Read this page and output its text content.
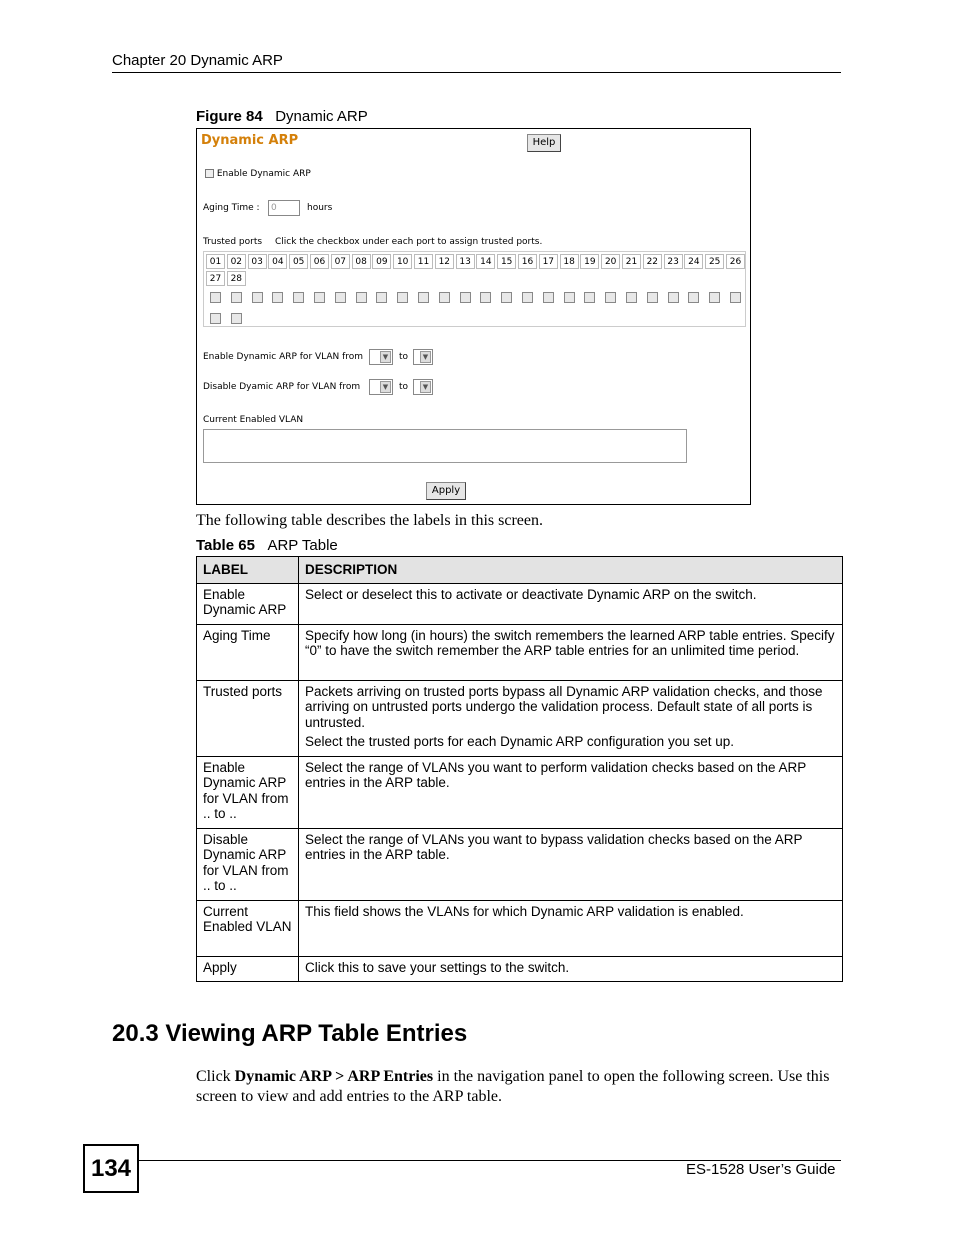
Chapter 20 Dynamic ARP
Figure 84 Dynamic ARP
Dynamic ARP	Help
Enable Dynamic ARP
Aging Time :	0	hours
Trusted ports Click the checkbox under each port to assign trusted ports.
01	02	03	04	05	06	07	08	09	10	11	12	13	14	15	16	17	18	19	20	21	22	23	24	25	26
27	28
Enable Dynamic ARP for VLAN from	▼	to	▼
Disable Dyamic ARP for VLAN from	▼	to	▼
Current Enabled VLAN
Apply
The following table describes the labels in this screen.
Table 65 ARP Table
LABEL	DESCRIPTION
Enable Dynamic ARP	Select or deselect this to activate or deactivate Dynamic ARP on the switch.

Aging Time	Specify how long (in hours) the switch remembers the learned ARP table entries. Specify “0” to have the switch remember the ARP table entries for an unlimited time period.

Trusted ports	Packets arriving on trusted ports bypass all Dynamic ARP validation checks, and those arriving on untrusted ports undergo the validation process. Default state of all ports is untrusted.

Select the trusted ports for each Dynamic ARP configuration you set up.

Enable Dynamic ARP for VLAN from .. to ..	Select the range of VLANs you want to perform validation checks based on the ARP entries in the ARP table.

Disable Dynamic ARP for VLAN from .. to ..	Select the range of VLANs you want to bypass validation checks based on the ARP entries in the ARP table.

Current Enabled VLAN	This field shows the VLANs for which Dynamic ARP validation is enabled.

Apply	Click this to save your settings to the switch.

20.3 Viewing ARP Table Entries
Click Dynamic ARP > ARP Entries in the navigation panel to open the following screen. Use this screen to view and add entries to the ARP table.
134	ES-1528 User’s Guide
